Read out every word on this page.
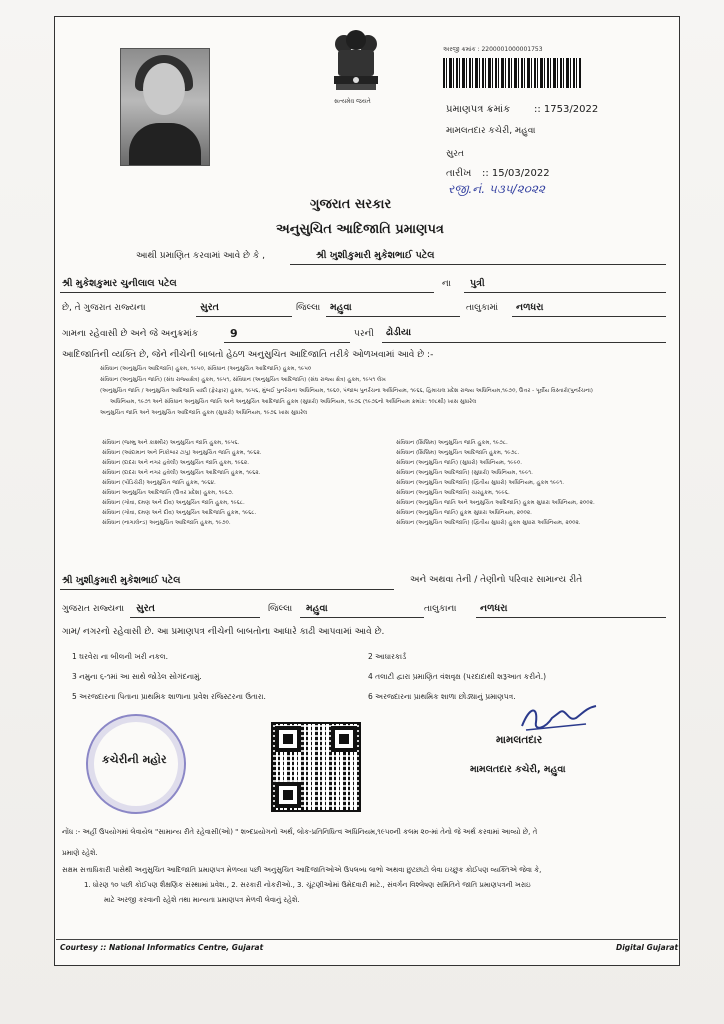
સત્યમેવ જયતે
અરજી ક્રમાંક : 2200001000001753
પ્રમાણપત્ર ક્રમાંક :: 1753/2022
મામલતદાર કચેરી, મહુવા
સુરત
તારીખ :: 15/03/2022
રજી.નં. ૫૩૫/૨૦૨૨
ગુજરાત સરકાર
અનુસુચિત આદિજાતિ પ્રમાણપત્ર
આથી પ્રમાણિત કરવામાં આવે છે કે ,	શ્રી ખુશીકુમારી મુકેશભાઈ પટેલ
શ્રી મુકેશકુમાર ચુનીલાલ પટેલ	ના પુત્રી
છે, તે ગુજરાત રાજ્યના	સુરત	જિલ્લા મહુવા	તાલુકામાં નળધરા
ગામના રહેવાસી છે અને જે અનુક્રમાંક	9	પરની ઢોડીયા
આદિજાતિની વ્યક્તિ છે, જેને નીચેની બાબતો હેઠળ અનુસુચિત આદિજાતિ તરીકે ઓળખવામાં આવે છે :-
સંવિધાન (અનુસુચિત આદિજાતિ) હુકમ, ૧૯૫૦, સંવિધાન (અનુસુચિત આદિજાતિ) હુકમ, ૧૯૫૦
સંવિધાન (અનુસુચિત જાતિ) (સંઘ રાજ્યક્ષેત્ર) હુકમ, ૧૯૫૧, સંવિધાન (અનુસુચિત આદિજાતિ) (સંઘ રાજ્ય ક્ષેત્ર) હુકમ, ૧૯૫૧ લેખ
(અનુસુચિત જાતિ / અનુસુચિત આદિજાતિ યાદી (ફેરફાર) હુકમ, ૧૯૫૬, મુંબઈ પુનર્રચના અધિનિયમ, ૧૯૬૦, પંજાબ પુનર્રચના અધિનિયમ, ૧૯૬૬, હિમાચલ પ્રદેશ રાજ્ય અધિનિયમ,૧૯૭૦, ઉત્તર - પૂર્વીય વિસ્તારો(પુનર્રચના)
અધિનિયમ, ૧૯૭૧ અને સંવિધાન અનુસુચિત જાતિ અને અનુસુચિત આદિજાતિ હુકમ (સુધારો) અધિનિયમ, ૧૯૭૬ (૧૯૭૬નો અધિનિયમ ક્રમાંક: ૧૦૮થી) ખાસ સુધારેલ
અનુસુચિત જાતિ અને અનુસુચિત આદિજાતિ હુકમ (સુધારો) અધિનિયમ, ૧૯૭૬ ખાસ સુધારેલ
સંવિધાન (જમ્મુ અને કાશ્મીર) અનુસુચિત જાતિ હુકમ, ૧૯૫૬.
સંવિધાન (આંદામાન અને નિકોબાર ટાપુ) અનુસુચિત જાતિ હુકમ, ૧૯૬૨.
સંવિધાન (દાદરા અને નગર હવેલી) અનુસુચિત જાતિ હુકમ, ૧૯૬૨.
સંવિધાન (દાદરા અને નગર હવેલી) અનુસુચિત આદિજાતિ હુકમ, ૧૯૬૨.
સંવિધાન (પોંડિચેરી) અનુસુચિત જાતિ હુકમ, ૧૯૬૪.
સંવિધાન અનુસુચિત આદિજાતિ (ઉત્તર પ્રદેશ) હુકમ, ૧૯૬૭.
સંવિધાન (ગોવા, દમણ અને દીવ) અનુસુચિત જાતિ હુકમ, ૧૯૬૮.
સંવિધાન (ગોવા, દમણ અને દીવ) અનુસુચિત આદિજાતિ હુકમ, ૧૯૬૮.
સંવિધાન (નાગાલેન્ડ) અનુસુચિત આદિજાતિ હુકમ, ૧૯૭૦.
સંવિધાન (સિક્કિમ) અનુસુચિત જાતિ હુકમ, ૧૯૭૮.
સંવિધાન (સિક્કિમ) અનુસુચિત આદિજાતિ હુકમ, ૧૯૭૮.
સંવિધાન (અનુસુચિત જાતિ) (સુધારો) અધિનિયમ, ૧૯૯૦.
સંવિધાન (અનુસુચિત આદિજાતિ) (સુધારો) અધિનિયમ, ૧૯૯૧.
સંવિધાન (અનુસુચિત આદિજાતિ) (દ્વિતીય સુધારો) અધિનિયમ, હુકમ ૧૯૯૧.
સંવિધાન (અનુસુચિત આદિજાતિ) ચારહુકમ, ૧૯૯૬.
સંવિધાન (અનુસુચિત જાતિ અને અનુસુચિત આદિજાતિ) હુકમ સુધારા અધિનિયમ, ૨૦૦૨.
સંવિધાન (અનુસુચિત જાતિ) હુકમ સુધારા અધિનિયમ, ૨૦૦૨.
સંવિધાન (અનુસુચિત આદિજાતિ) (દ્વિતીય સુધારો) હુકમ સુધારા અધિનિયમ, ૨૦૦૨.
શ્રી ખુશીકુમારી મુકેશભાઈ પટેલ	અને અથવા તેની / તેણીનો પરિવાર સામાન્ય રીતે
ગુજરાત રાજ્યના સુરત	જિલ્લા મહુવા	તાલુકાના નળધરા
ગામ/ નગરનો રહેવાસી છે. આ પ્રમાણપત્ર નીચેની બાબતોના આધારે કાઢી આપવામાં આવે છે.
1 ઘરવેરા ના બીલની ખરી નકલ.	2 આધારકાર્ડ
3 નમુના ૬-૧માં આ સાથે જોડેલ સોગંદનામું.	4 તલાટી દ્વારા પ્રમાણિત વંશવૃક્ષ (પરદાદાથી શરૂઆત કરીને.)
5 અરજદારના પિતાના પ્રાથમિક શાળાના પ્રવેશ રજિસ્ટરના ઉતારા.	6 અરજદારના પ્રાથમિક શાળા છોડ્યાનું પ્રમાણપત્ર.
કચેરીની મહોર
મામલતદાર
મામલતદાર કચેરી, મહુવા
નોંધ :- અહીં ઉપયોગમાં લેવાયેલ "સામાન્ય રીતે રહેવાસી(ઓ) " શબ્દપ્રયોગનો અર્થ, લોક-પ્રતિનિધિત્વ અધિનિયમ,૧૯૫૦ની કલમ ૨૦-માં તેનો જે અર્થ કરવામાં આવ્યો છે, તે
પ્રમાણે રહેશે.
સક્ષમ સત્તાધિકારી પાસેથી અનુસુચિત આદિજાતિ પ્રમાણપત્ર મેળવ્યા પછી અનુસુચિત આદિજાતિઓએ ઉપલબ્ધ લાભો અથવા છુટછાટો લેવા ઇચ્છુક કોઈપણ વ્યક્તિએ જેવા કે,
1. ધોરણ ૧૦ પછી કોઈપણ શૈક્ષણિક સંસ્થામાં પ્રવેશ., 2. સરકારી નોકરીઓ., 3. ચૂંટણીઓમાં ઉમેદવારી માટે., સંવર્ગન વિશ્લેષણ સમિતિને જાતિ પ્રમાણપત્રની ખરાઇ
માટે અરજી કરવાની રહેશે તથા માન્યતા પ્રમાણપત્ર મેળવી લેવાનું રહેશે.
Courtesy :: National Informatics Centre, Gujarat	Digital Gujarat
